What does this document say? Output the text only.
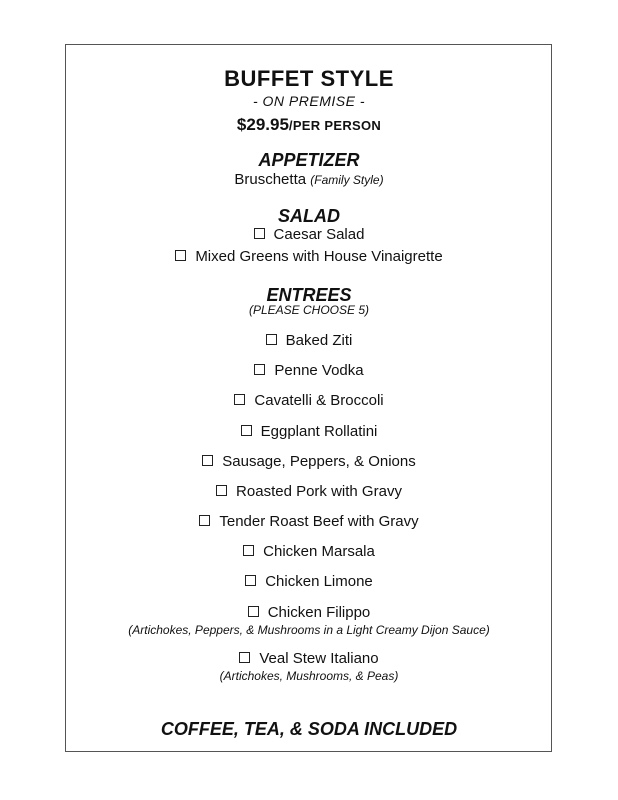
BUFFET STYLE
- ON PREMISE -
$29.95/PER PERSON
APPETIZER
Bruschetta (Family Style)
SALAD
Caesar Salad
Mixed Greens with House Vinaigrette
ENTREES
(PLEASE CHOOSE 5)
Baked Ziti
Penne Vodka
Cavatelli & Broccoli
Eggplant Rollatini
Sausage, Peppers, & Onions
Roasted Pork with Gravy
Tender Roast Beef with Gravy
Chicken Marsala
Chicken Limone
Chicken Filippo
(Artichokes, Peppers, & Mushrooms in a Light Creamy Dijon Sauce)
Veal Stew Italiano
(Artichokes, Mushrooms, & Peas)
COFFEE, TEA, & SODA INCLUDED
